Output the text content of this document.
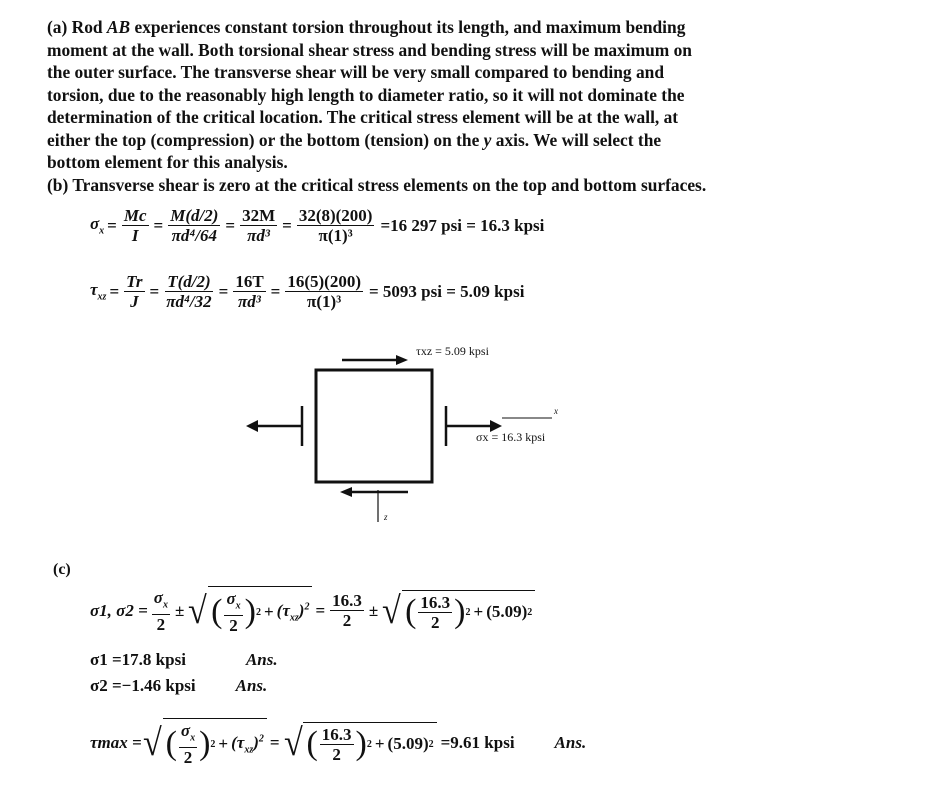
(a) Rod AB experiences constant torsion throughout its length, and maximum bending
moment at the wall. Both torsional shear stress and bending stress will be maximum on
the outer surface. The transverse shear will be very small compared to bending and
torsion, due to the reasonably high length to diameter ratio, so it will not dominate the
determination of the critical location. The critical stress element will be at the wall, at
either the top (compression) or the bottom (tension) on the y axis. We will select the
bottom element for this analysis.
(b) Transverse shear is zero at the critical stress elements on the top and bottom surfaces.
$\sigma_x = \frac{Mc}{I} = \frac{M(d/2)}{\text{πd⁴/64}} = \frac{32M}{\text{πd³}} = \frac{32(8)(200)}{\text{π(1)³}} =16$ 297 psi = 16.3 kpsi
$\tau_{xz} = \frac{Tr}{J} = \frac{T(d/2)}{\text{πd⁴/32}} = \frac{16T}{\text{πd³}} = \frac{16(5)(200)}{\text{π(1)³}} = 5093$ psi = 5.09 kpsi
τxz = 5.09 kpsi
σx = 16.3 kpsi
x
z
(c)
σ1, $\sigma 2 = \frac{\sigma_x}{2}$ ± √ ( $\frac{\sigma_x}{2}$ ) $2 + (\tau_{xz})^2 = \frac{16.3}{2}$ ± √ ( $\frac{16.3}{2}$ ) 2 + (5.09) 2
σ1 =17.8 kpsi	Ans.
σ2 =−1.46 kpsi Ans.
τmax = √ ( $\frac{\sigma_x}{2}$ ) $2 + (\tau_{xz})^2$ = √ ( $\frac{16.3}{2}$ ) 2 + (5.09) 2 =9.61 kpsi Ans.
